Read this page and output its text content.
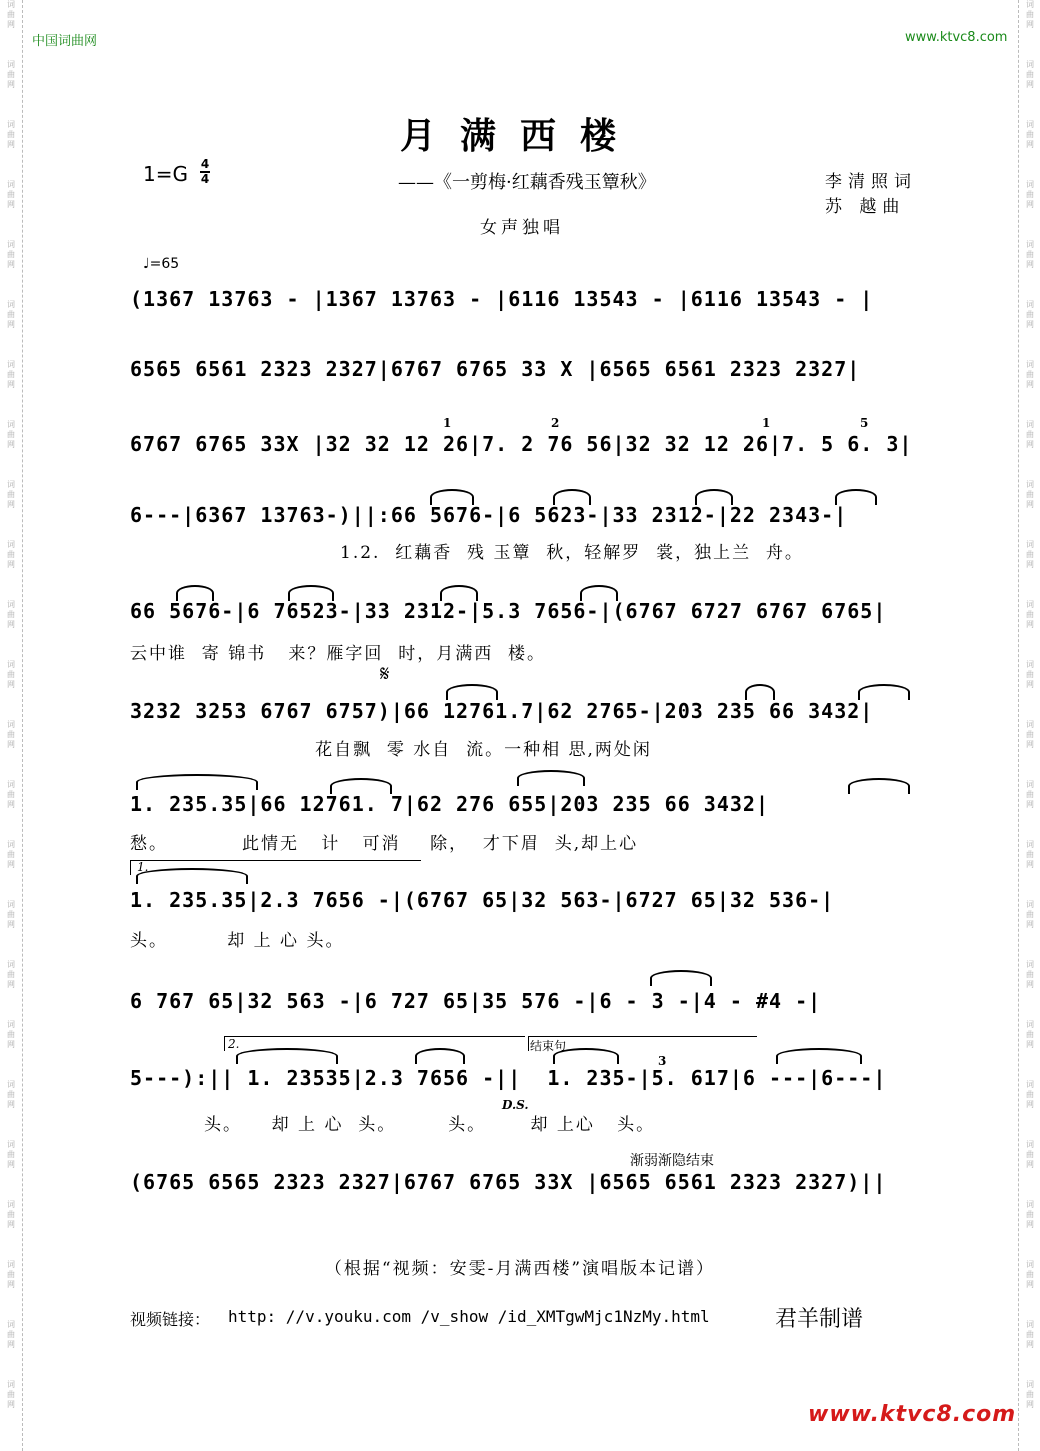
词曲网
词曲网
词曲网
词曲网
词曲网
词曲网
词曲网
词曲网
词曲网
词曲网
词曲网
词曲网
词曲网
词曲网
词曲网
词曲网
词曲网
词曲网
词曲网
词曲网
词曲网
词曲网
词曲网
词曲网
词曲网
词曲网
词曲网
词曲网
词曲网
词曲网
词曲网
词曲网
词曲网
词曲网
词曲网
词曲网
词曲网
词曲网
词曲网
词曲网
词曲网
词曲网
词曲网
词曲网
词曲网
词曲网
词曲网
词曲网
中国词曲网	www.ktvc8.com
月满西楼
1=G 4
4	——《一剪梅·红藕香残玉簟秋》	李清照词
苏 越曲
女声独唱
♩=65
(1367 13763 - |1367 13763 - |6116 13543 - |6116 13543 - |
6565 6561 2323 2327|6767 6765 33 X |6565 6561 2323 2327|
6767 6765 33X |32 32 12 26|7. 2 76 56|32 32 12 26|7. 5 6. 3|
1	2	1	5
6---|6367 13763-)||:66 5676-|6 5623-|33 2312-|22 2343-|
1.2.  红藕香  残 玉簟  秋，轻解罗  裳，独上兰  舟。
66 5676-|6 76523-|33 2312-|5.3 7656-|(6767 6727 6767 6765|
云中谁  寄 锦书   来？雁字回  时，月满西  楼。
3232 3253 6767 6757)|66 12761.7|62 2765-|203 235 66 3432|
花自飘  零 水自  流。一种相 思,两处闲
𝄋
1. 235.35|66 12761. 7|62 276 655|203 235 66 3432|
愁。          此情无   计   可消    除，  才下眉  头,却上心
1.
1. 235.35|2.3 7656 -|(6767 65|32 563-|6727 65|32 536-|
头。        却 上 心 头。
6 767 65|32 563 -|6 727 65|35 576 -|6 - 3 -|4 - #4 -|
2.	结束句
5---):|| 1. 23535|2.3 7656 -||  1. 235-|5. 617|6 ---|6---|
头。    却 上 心  头。       头。      却 上心   头。
D.S.
3
渐弱渐隐结束
(6765 6565 2323 2327|6767 6765 33X |6565 6561 2323 2327)||
（根据“视频：安雯-月满西楼”演唱版本记谱）
视频链接： http: //v.youku.com /v_show /id_XMTgwMjc1NzMy.html	君羊制谱
www.ktvc8.com
